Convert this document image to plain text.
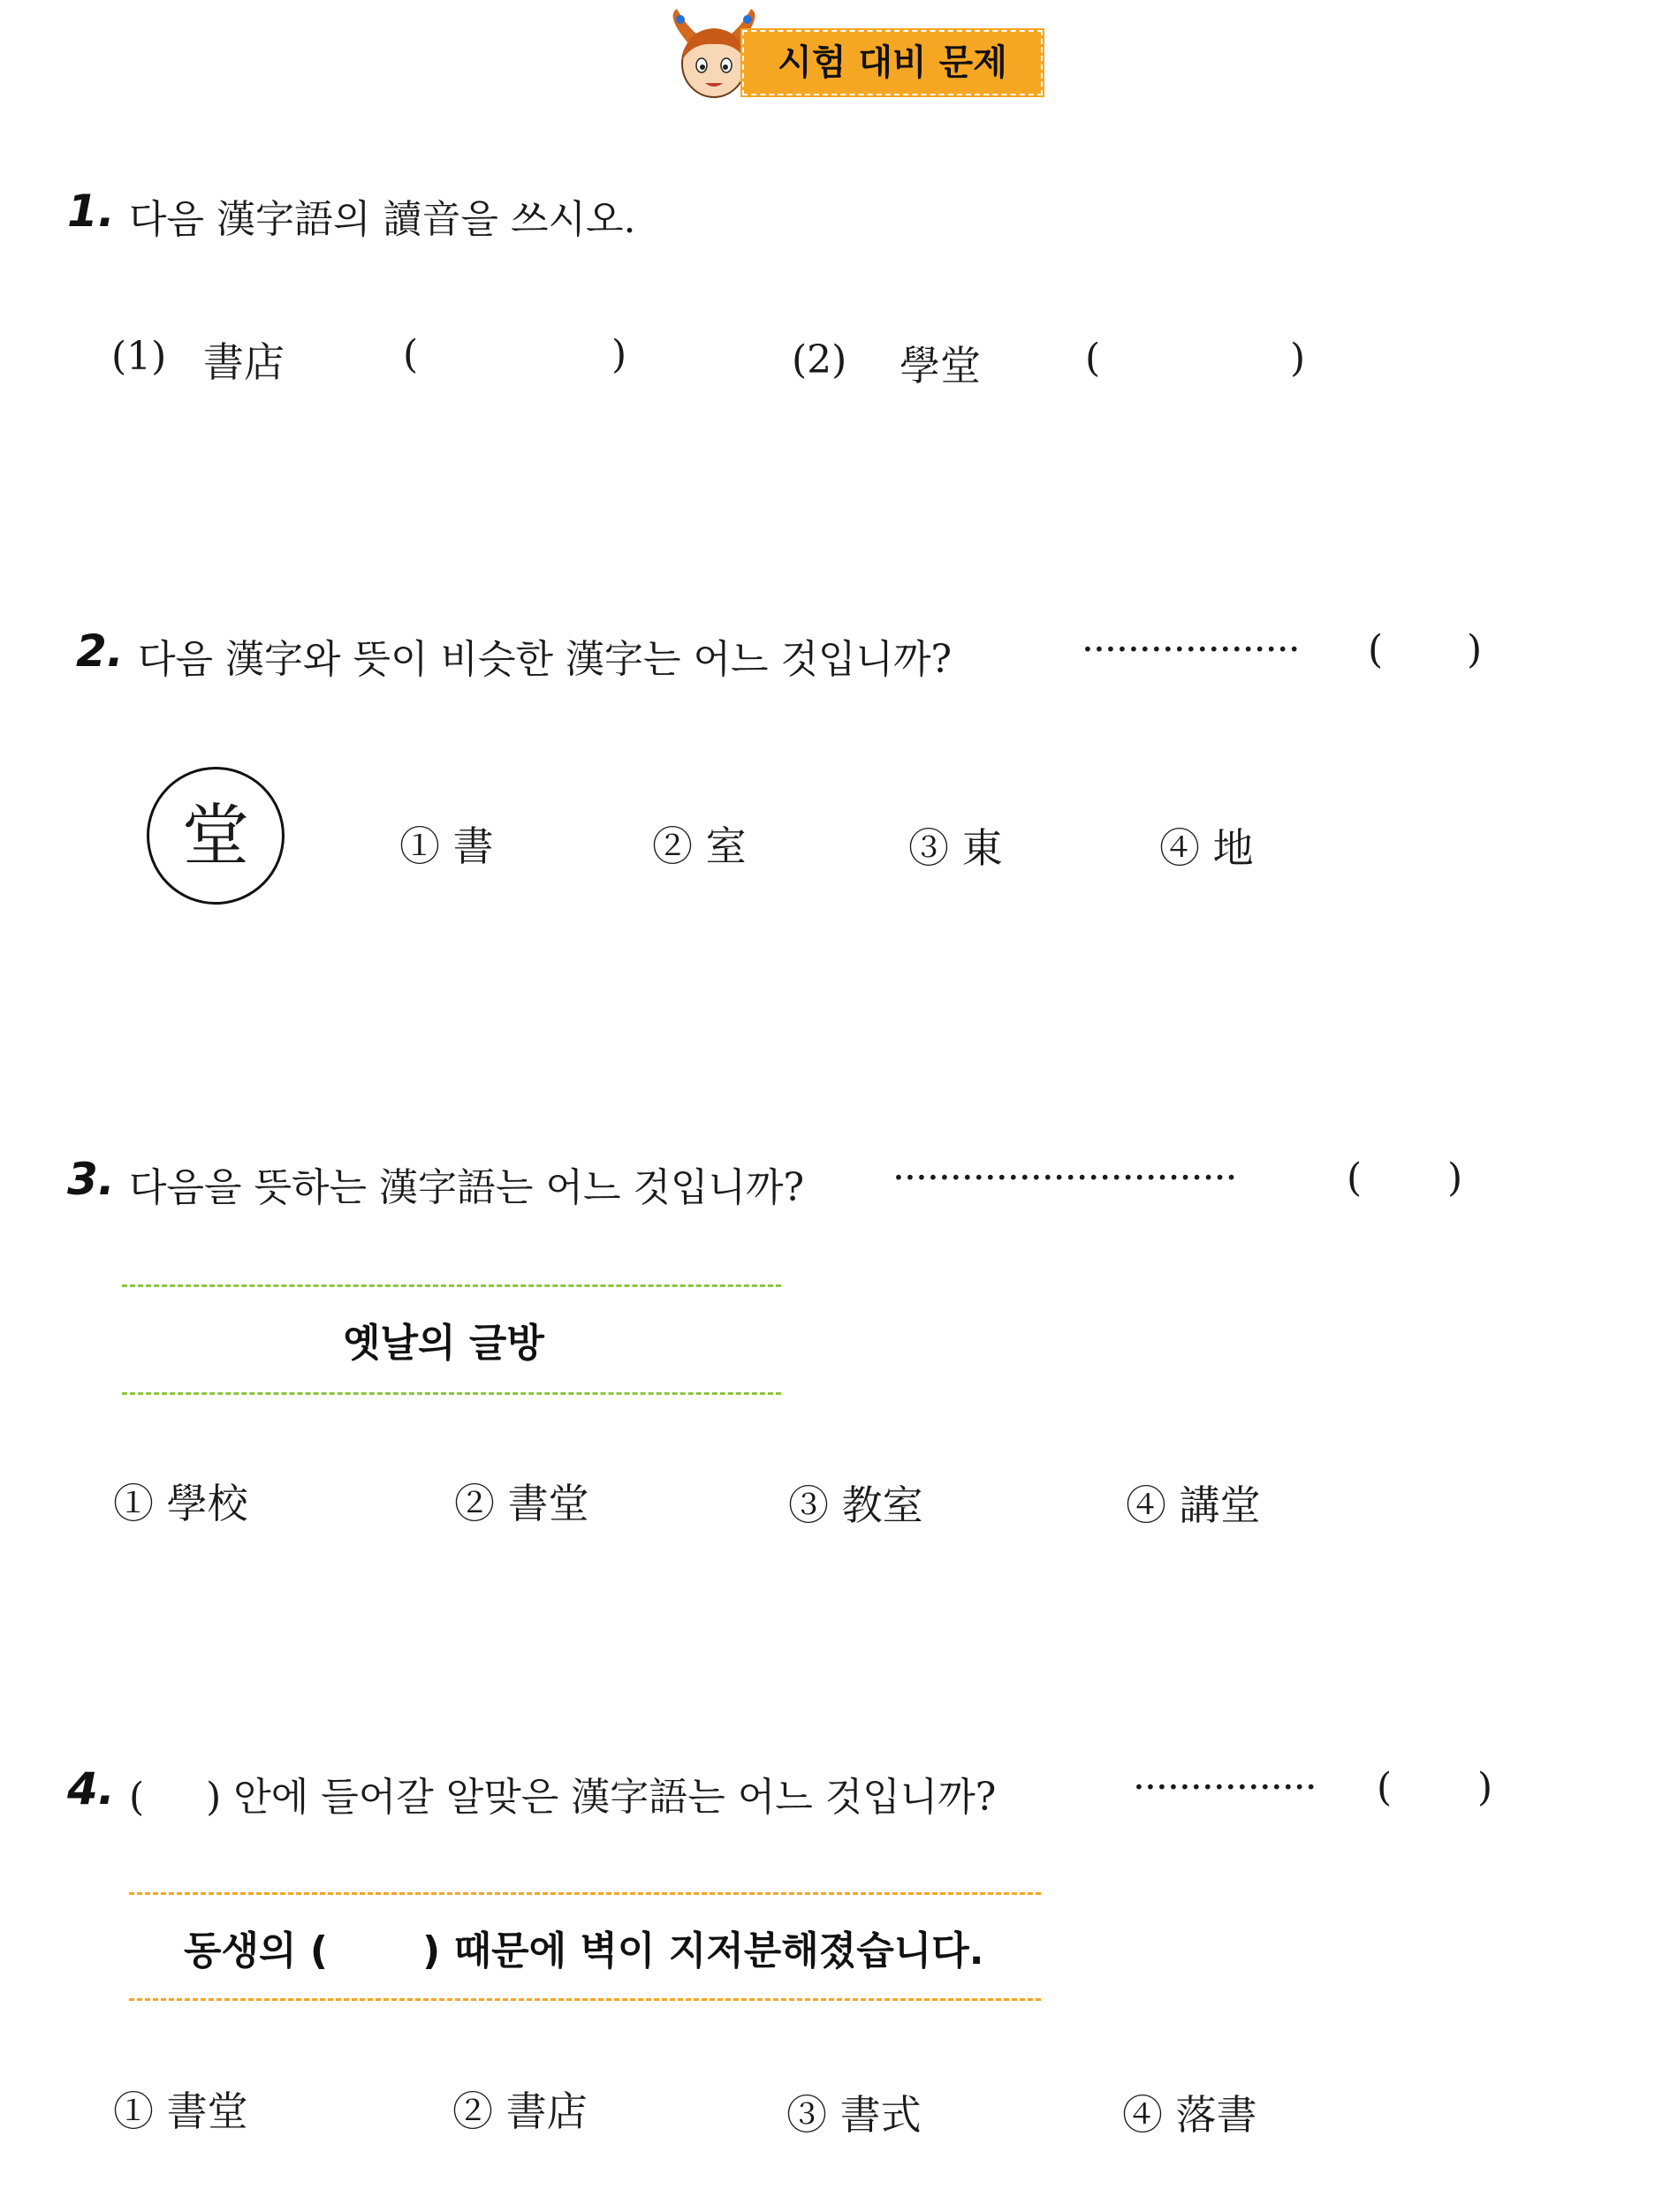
시험 대비 문제
1. 다음 漢字語의 讀音을 쓰시오.
(1) 書店	(	)	(2) 學堂	(	)
2. 다음 漢字와 뜻이 비슷한 漢字는 어느 것입니까?	··················· ( )
堂	① 書	② 室	③ 東	④ 地
3. 다음을 뜻하는 漢字語는 어느 것입니까? ······························	( )
옛날의 글방
① 學校	② 書堂	③ 教室	④ 講堂
4. (     ) 안에 들어갈 알맞은 漢字語는 어느 것입니까?	················ ( )
동생의 (       ) 때문에 벽이 지저분해졌습니다.
① 書堂	② 書店	③ 書式	④ 落書
